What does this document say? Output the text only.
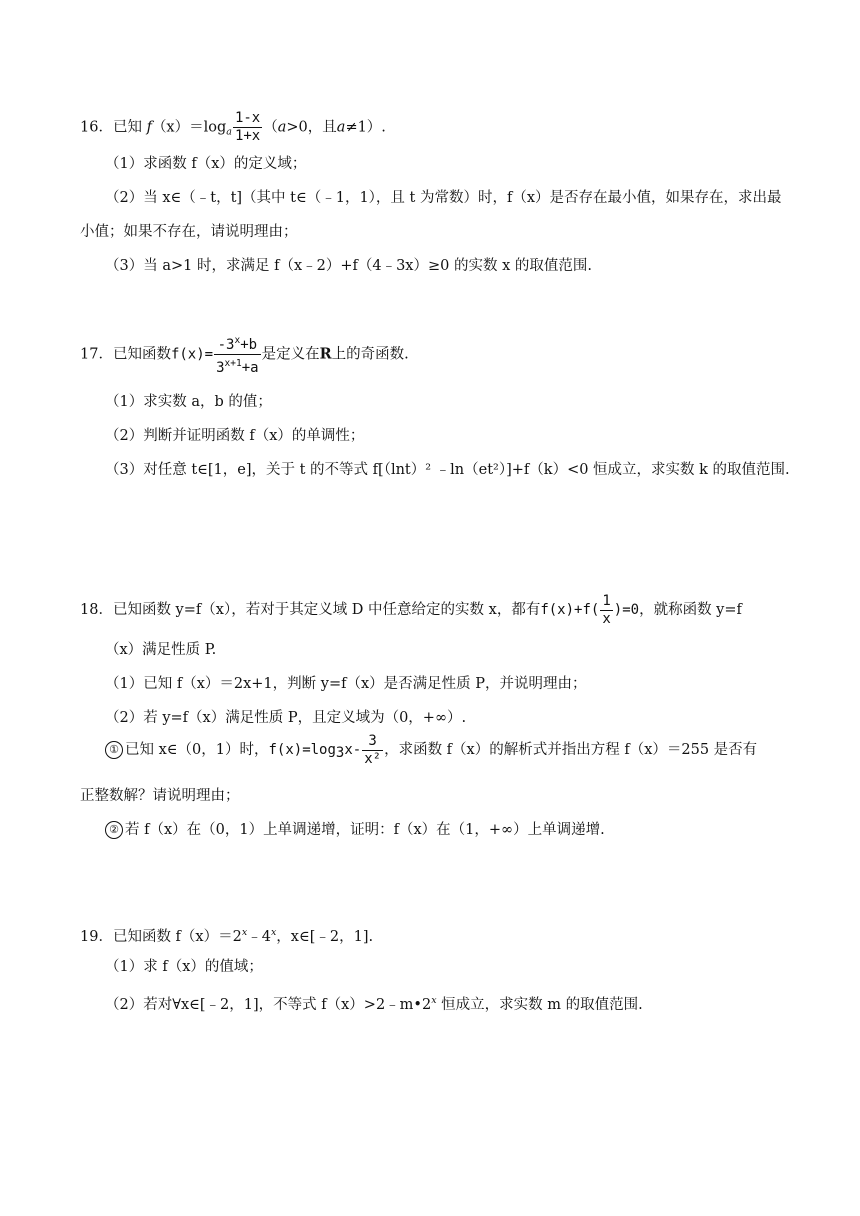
16．已知 $f(x)=\log_a \frac{1-x}{1+x} (a>0$，且a≠1）.
（1）求函数 f（x）的定义域；
（2）当 x∈（﹣t，t]（其中 t∈（﹣1，1），且 t 为常数）时，f（x）是否存在最小值，如果存在，求出最
小值；如果不存在，请说明理由；
（3）当 a>1 时，求满足 f（x﹣2）+f（4﹣3x）≥0 的实数 x 的取值范围.
17．已知函数$f(x)= \frac{-3^x+b}{3^{x+1}+a}$ 是定义在R上的奇函数.
（1）求实数 a，b 的值；
（2）判断并证明函数 f（x）的单调性；
（3）对任意 t∈[1，e]，关于 t 的不等式 f[（lnt）² ﹣ln（et²）]+f（k）<0 恒成立，求实数 k 的取值范围.
18．已知函数 y=f（x），若对于其定义域 D 中任意给定的实数 x，都有$f(x)+f( \frac{1}{x} )=0$，就称函数 y=f
（x）满足性质 P.
（1）已知 f（x）＝2x+1，判断 y=f（x）是否满足性质 P，并说明理由；
（2）若 y=f（x）满足性质 P，且定义域为（0，+∞）.
① 已知 x∈（0，1）时，$f(x)=\log 3x- \frac{3}{\text{x²}}$ ，求函数 f（x）的解析式并指出方程 f（x）＝255 是否有
正整数解？请说明理由；
② 若 f（x）在（0，1）上单调递增，证明：f（x）在（1，+∞）上单调递增.
19．已知函数 $f(x)=2^x﹣4^x$，x∈[﹣2，1].
（1）求 f（x）的值域；
（2）若对∀x∈[﹣2，1]，不等式 $f(x)>2﹣m•2^x$ 恒成立，求实数 m 的取值范围.
